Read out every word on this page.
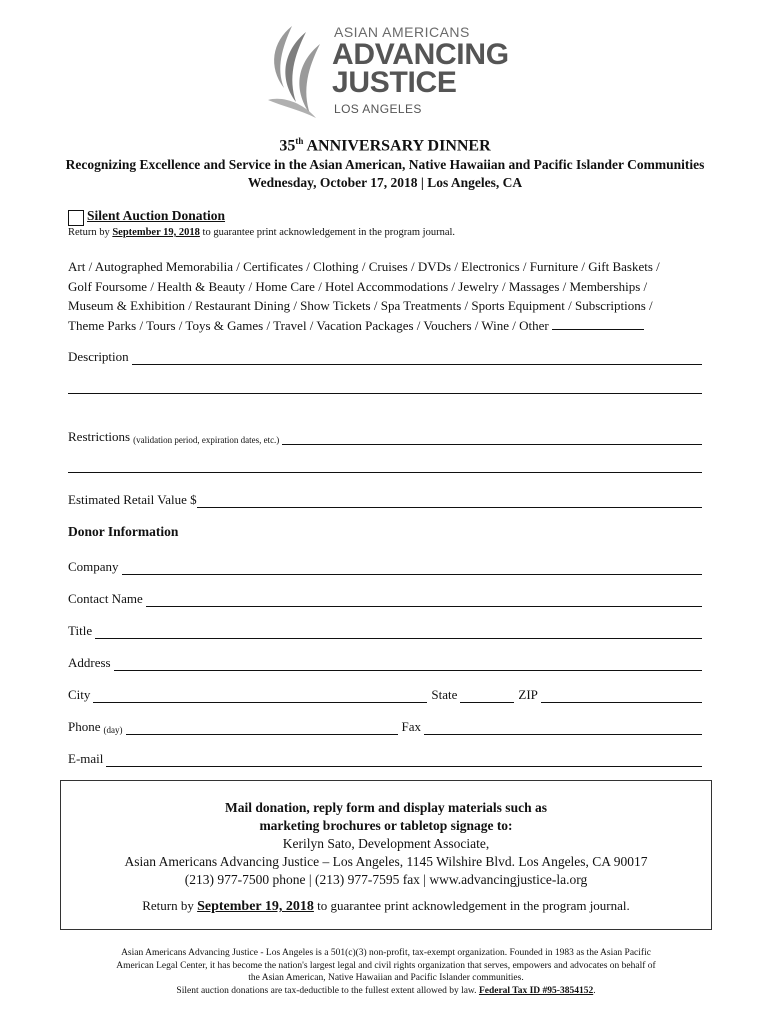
ASIAN AMERICANS
ADVANCING
JUSTICE
LOS ANGELES
35th ANNIVERSARY DINNER
Recognizing Excellence and Service in the Asian American, Native Hawaiian and Pacific Islander Communities
Wednesday, October 17, 2018 | Los Angeles, CA
Silent Auction Donation
Return by September 19, 2018 to guarantee print acknowledgement in the program journal.
Art / Autographed Memorabilia / Certificates / Clothing / Cruises / DVDs / Electronics / Furniture / Gift Baskets /
Golf Foursome / Health & Beauty / Home Care / Hotel Accommodations / Jewelry / Massages / Memberships /
Museum & Exhibition / Restaurant Dining / Show Tickets / Spa Treatments / Sports Equipment / Subscriptions /
Theme Parks / Tours / Toys & Games / Travel / Vacation Packages / Vouchers / Wine / Other
Description
Restrictions (validation period, expiration dates, etc.)
Estimated Retail Value $
Donor Information
Company
Contact Name
Title
Address
City	State	ZIP
Phone (day)	Fax
E-mail
Mail donation, reply form and display materials such as
marketing brochures or tabletop signage to:
Kerilyn Sato, Development Associate,
Asian Americans Advancing Justice – Los Angeles, 1145 Wilshire Blvd. Los Angeles, CA 90017
(213) 977-7500 phone | (213) 977-7595 fax | www.advancingjustice-la.org
Return by September 19, 2018 to guarantee print acknowledgement in the program journal.
Asian Americans Advancing Justice - Los Angeles is a 501(c)(3) non-profit, tax-exempt organization. Founded in 1983 as the Asian Pacific
American Legal Center, it has become the nation's largest legal and civil rights organization that serves, empowers and advocates on behalf of
the Asian American, Native Hawaiian and Pacific Islander communities.
Silent auction donations are tax-deductible to the fullest extent allowed by law. Federal Tax ID #95-3854152.
